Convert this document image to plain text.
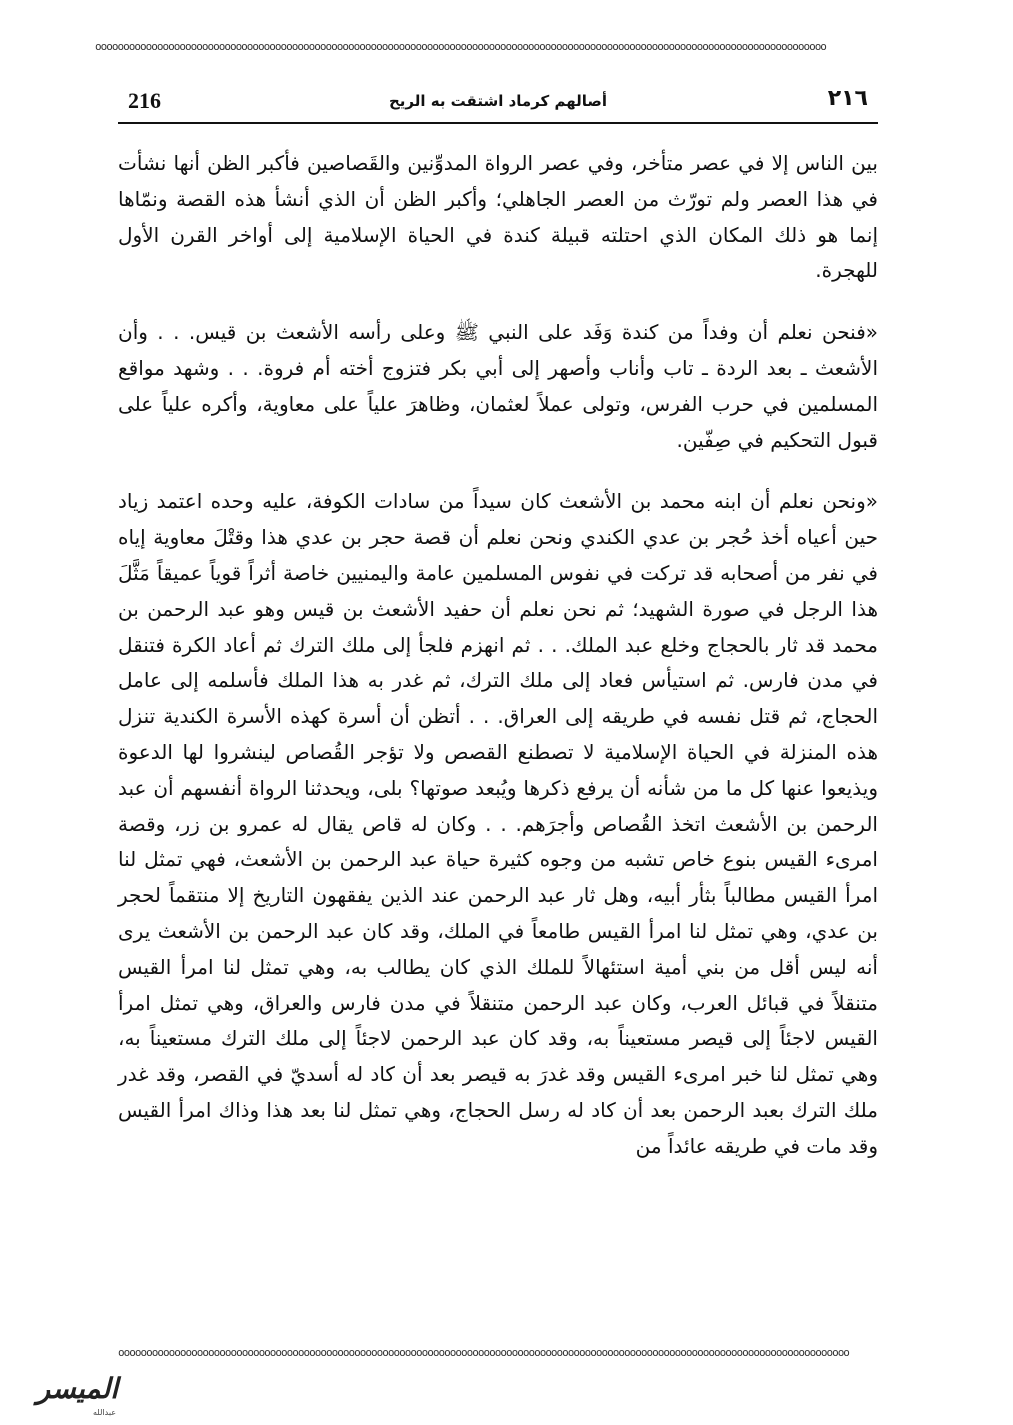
oooooooooooooooooooooooooooooooooooooooooooooooooooooooooooooooooooooooooooooooooooooooooooooooooooooooooooooooooooooooooooooooooo
216	أصالهم كرماد اشتقت به الريح	٢١٦

بين الناس إلا في عصر متأخر، وفي عصر الرواة المدوِّنين والقَصاصين فأكبر الظن أنها نشأت في هذا العصر ولم تورّث من العصر الجاهلي؛ وأكبر الظن أن الذي أنشأ هذه القصة ونمّاها إنما هو ذلك المكان الذي احتلته قبيلة كندة في الحياة الإسلامية إلى أواخر القرن الأول للهجرة.

«فنحن نعلم أن وفداً من كندة وَفَد على النبي ﷺ وعلى رأسه الأشعث بن قيس. . . وأن الأشعث ـ بعد الردة ـ تاب وأناب وأصهر إلى أبي بكر فتزوج أخته أم فروة. . . وشهد مواقع المسلمين في حرب الفرس، وتولى عملاً لعثمان، وظاهرَ علياً على معاوية، وأكره علياً على قبول التحكيم في صِفّين.

«ونحن نعلم أن ابنه محمد بن الأشعث كان سيداً من سادات الكوفة، عليه وحده اعتمد زياد حين أعياه أخذ حُجر بن عدي الكندي ونحن نعلم أن قصة حجر بن عدي هذا وقتْلَ معاوية إياه في نفر من أصحابه قد تركت في نفوس المسلمين عامة واليمنيين خاصة أثراً قوياً عميقاً مَثَّلَ هذا الرجل في صورة الشهيد؛ ثم نحن نعلم أن حفيد الأشعث بن قيس وهو عبد الرحمن بن محمد قد ثار بالحجاج وخلع عبد الملك. . . ثم انهزم فلجأ إلى ملك الترك ثم أعاد الكرة فتنقل في مدن فارس. ثم استيأس فعاد إلى ملك الترك، ثم غدر به هذا الملك فأسلمه إلى عامل الحجاج، ثم قتل نفسه في طريقه إلى العراق. . . أتظن أن أسرة كهذه الأسرة الكندية تنزل هذه المنزلة في الحياة الإسلامية لا تصطنع القصص ولا تؤجر القُصاص لينشروا لها الدعوة ويذيعوا عنها كل ما من شأنه أن يرفع ذكرها ويُبعد صوتها؟ بلى، ويحدثنا الرواة أنفسهم أن عبد الرحمن بن الأشعث اتخذ القُصاص وأجرَهم. . . وكان له قاص يقال له عمرو بن زر، وقصة امرىء القيس بنوع خاص تشبه من وجوه كثيرة حياة عبد الرحمن بن الأشعث، فهي تمثل لنا امرأ القيس مطالباً بثأر أبيه، وهل ثار عبد الرحمن عند الذين يفقهون التاريخ إلا منتقماً لحجر بن عدي، وهي تمثل لنا امرأ القيس طامعاً في الملك، وقد كان عبد الرحمن بن الأشعث يرى أنه ليس أقل من بني أمية استئهالاً للملك الذي كان يطالب به، وهي تمثل لنا امرأ القيس متنقلاً في قبائل العرب، وكان عبد الرحمن متنقلاً في مدن فارس والعراق، وهي تمثل امرأ القيس لاجئاً إلى قيصر مستعيناً به، وقد كان عبد الرحمن لاجئاً إلى ملك الترك مستعيناً به، وهي تمثل لنا خبر امرىء القيس وقد غدرَ به قيصر بعد أن كاد له أسديّ في القصر، وقد غدر ملك الترك بعبد الرحمن بعد أن كاد له رسل الحجاج، وهي تمثل لنا بعد هذا وذاك امرأ القيس وقد مات في طريقه عائداً من

oooooooooooooooooooooooooooooooooooooooooooooooooooooooooooooooooooooooooooooooooooooooooooooooooooooooooooooooooooooooooooooooooo
الميسر
عبدالله
